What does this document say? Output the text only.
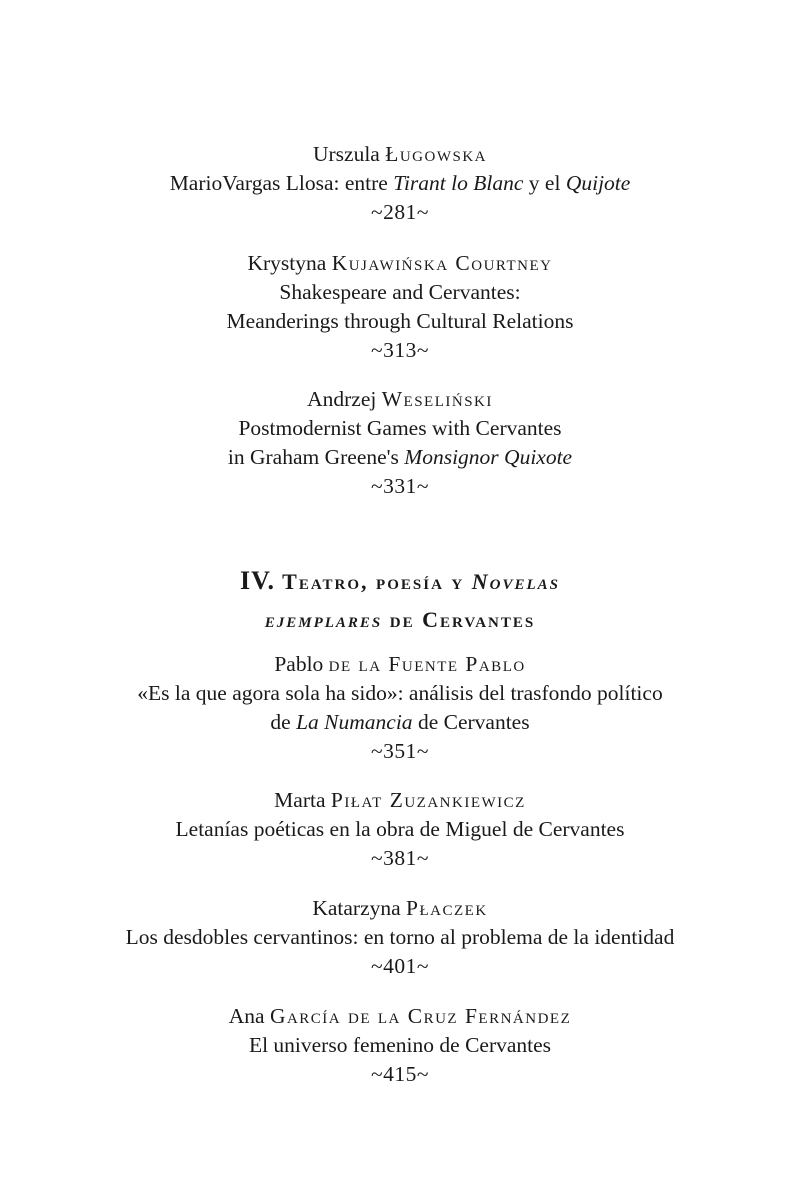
Urszula Ługowska
MarioVargas Llosa: entre Tirant lo Blanc y el Quijote
~281~
Krystyna Kujawińska Courtney
Shakespeare and Cervantes:
Meanderings through Cultural Relations
~313~
Andrzej Weseliński
Postmodernist Games with Cervantes
in Graham Greene's Monsignor Quixote
~331~
IV. Teatro, poesía y Novelas
ejemplares de Cervantes
Pablo de la Fuente Pablo
«Es la que agora sola ha sido»: análisis del trasfondo político
de La Numancia de Cervantes
~351~
Marta Piłat Zuzankiewicz
Letanías poéticas en la obra de Miguel de Cervantes
~381~
Katarzyna Płaczek
Los desdobles cervantinos: en torno al problema de la identidad
~401~
Ana García de la Cruz Fernández
El universo femenino de Cervantes
~415~
